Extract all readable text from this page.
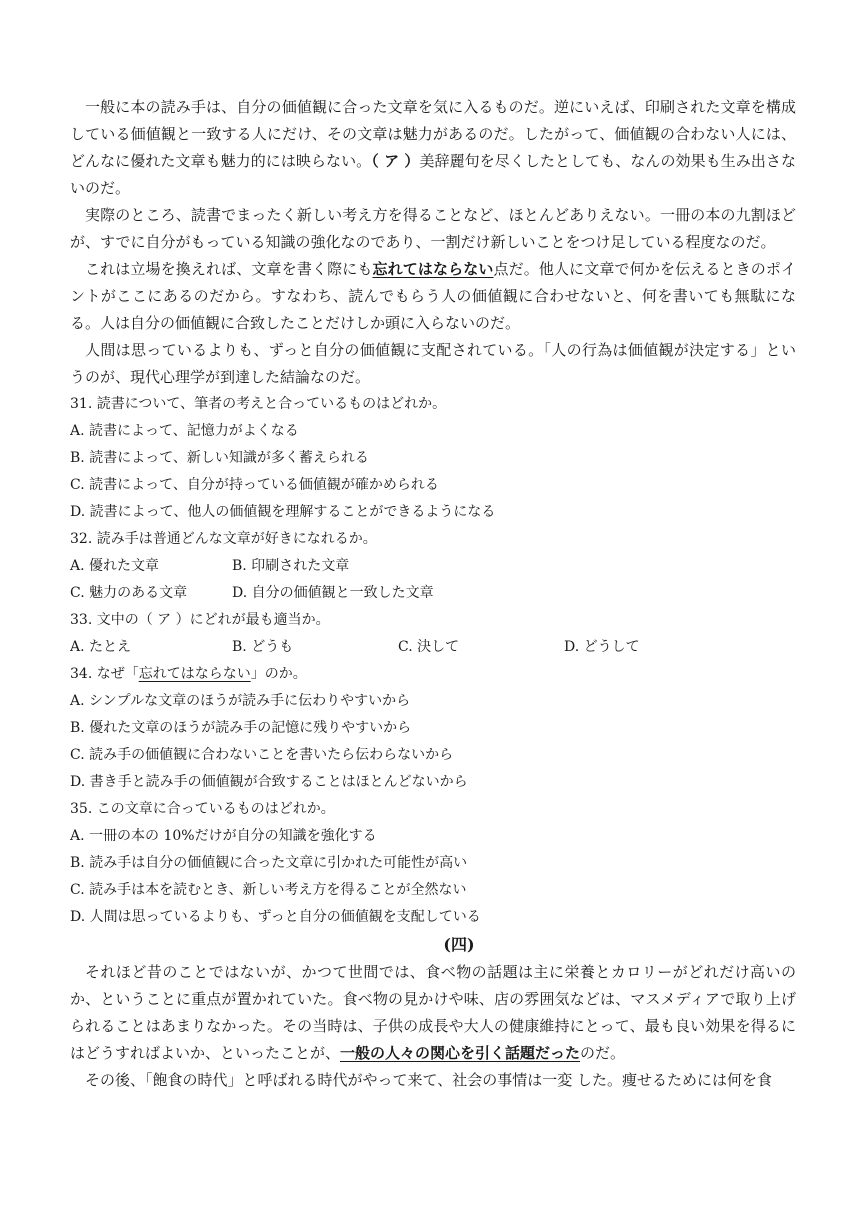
一般に本の読み手は、自分の価値観に合った文章を気に入るものだ。逆にいえば、印刷された文章を構成している価値観と一致する人にだけ、その文章は魅力があるのだ。したがって、価値観の合わない人には、どんなに優れた文章も魅力的には映らない。（ ア ）美辞麗句を尽くしたとしても、なんの効果も生み出さないのだ。

実際のところ、読書でまったく新しい考え方を得ることなど、ほとんどありえない。一冊の本の九割ほどが、すでに自分がもっている知識の強化なのであり、一割だけ新しいことをつけ足している程度なのだ。

これは立場を換えれば、文章を書く際にも忘れてはならない点だ。他人に文章で何かを伝えるときのポイントがここにあるのだから。すなわち、読んでもらう人の価値観に合わせないと、何を書いても無駄になる。人は自分の価値観に合致したことだけしか頭に入らないのだ。

人間は思っているよりも、ずっと自分の価値観に支配されている。「人の行為は価値観が決定する」というのが、現代心理学が到達した結論なのだ。

31. 読書について、筆者の考えと合っているものはどれか。

A. 読書によって、記憶力がよくなる

B. 読書によって、新しい知識が多く蓄えられる

C. 読書によって、自分が持っている価値観が確かめられる

D. 読書によって、他人の価値観を理解することができるようになる

32. 読み手は普通どんな文章が好きになれるか。

A. 優れた文章	B. 印刷された文章
C. 魅力のある文章	D. 自分の価値観と一致した文章

33. 文中の（ ア ）にどれが最も適当か。

A. たとえ	B. どうも	C. 決して	D. どうして

34. なぜ「忘れてはならない」のか。

A. シンプルな文章のほうが読み手に伝わりやすいから

B. 優れた文章のほうが読み手の記憶に残りやすいから

C. 読み手の価値観に合わないことを書いたら伝わらないから

D. 書き手と読み手の価値観が合致することはほとんどないから

35. この文章に合っているものはどれか。

A. 一冊の本の 10%だけが自分の知識を強化する

B. 読み手は自分の価値観に合った文章に引かれた可能性が高い

C. 読み手は本を読むとき、新しい考え方を得ることが全然ない

D. 人間は思っているよりも、ずっと自分の価値観を支配している

(四)

それほど昔のことではないが、かつて世間では、食べ物の話題は主に栄養とカロリーがどれだけ高いのか、ということに重点が置かれていた。食べ物の見かけや味、店の雰囲気などは、マスメディアで取り上げられることはあまりなかった。その当時は、子供の成長や大人の健康維持にとって、最も良い効果を得るにはどうすればよいか、といったことが、一般の人々の関心を引く話題だったのだ。

その後、「飽食の時代」と呼ばれる時代がやって来て、社会の事情は一変 した。痩せるためには何を食
